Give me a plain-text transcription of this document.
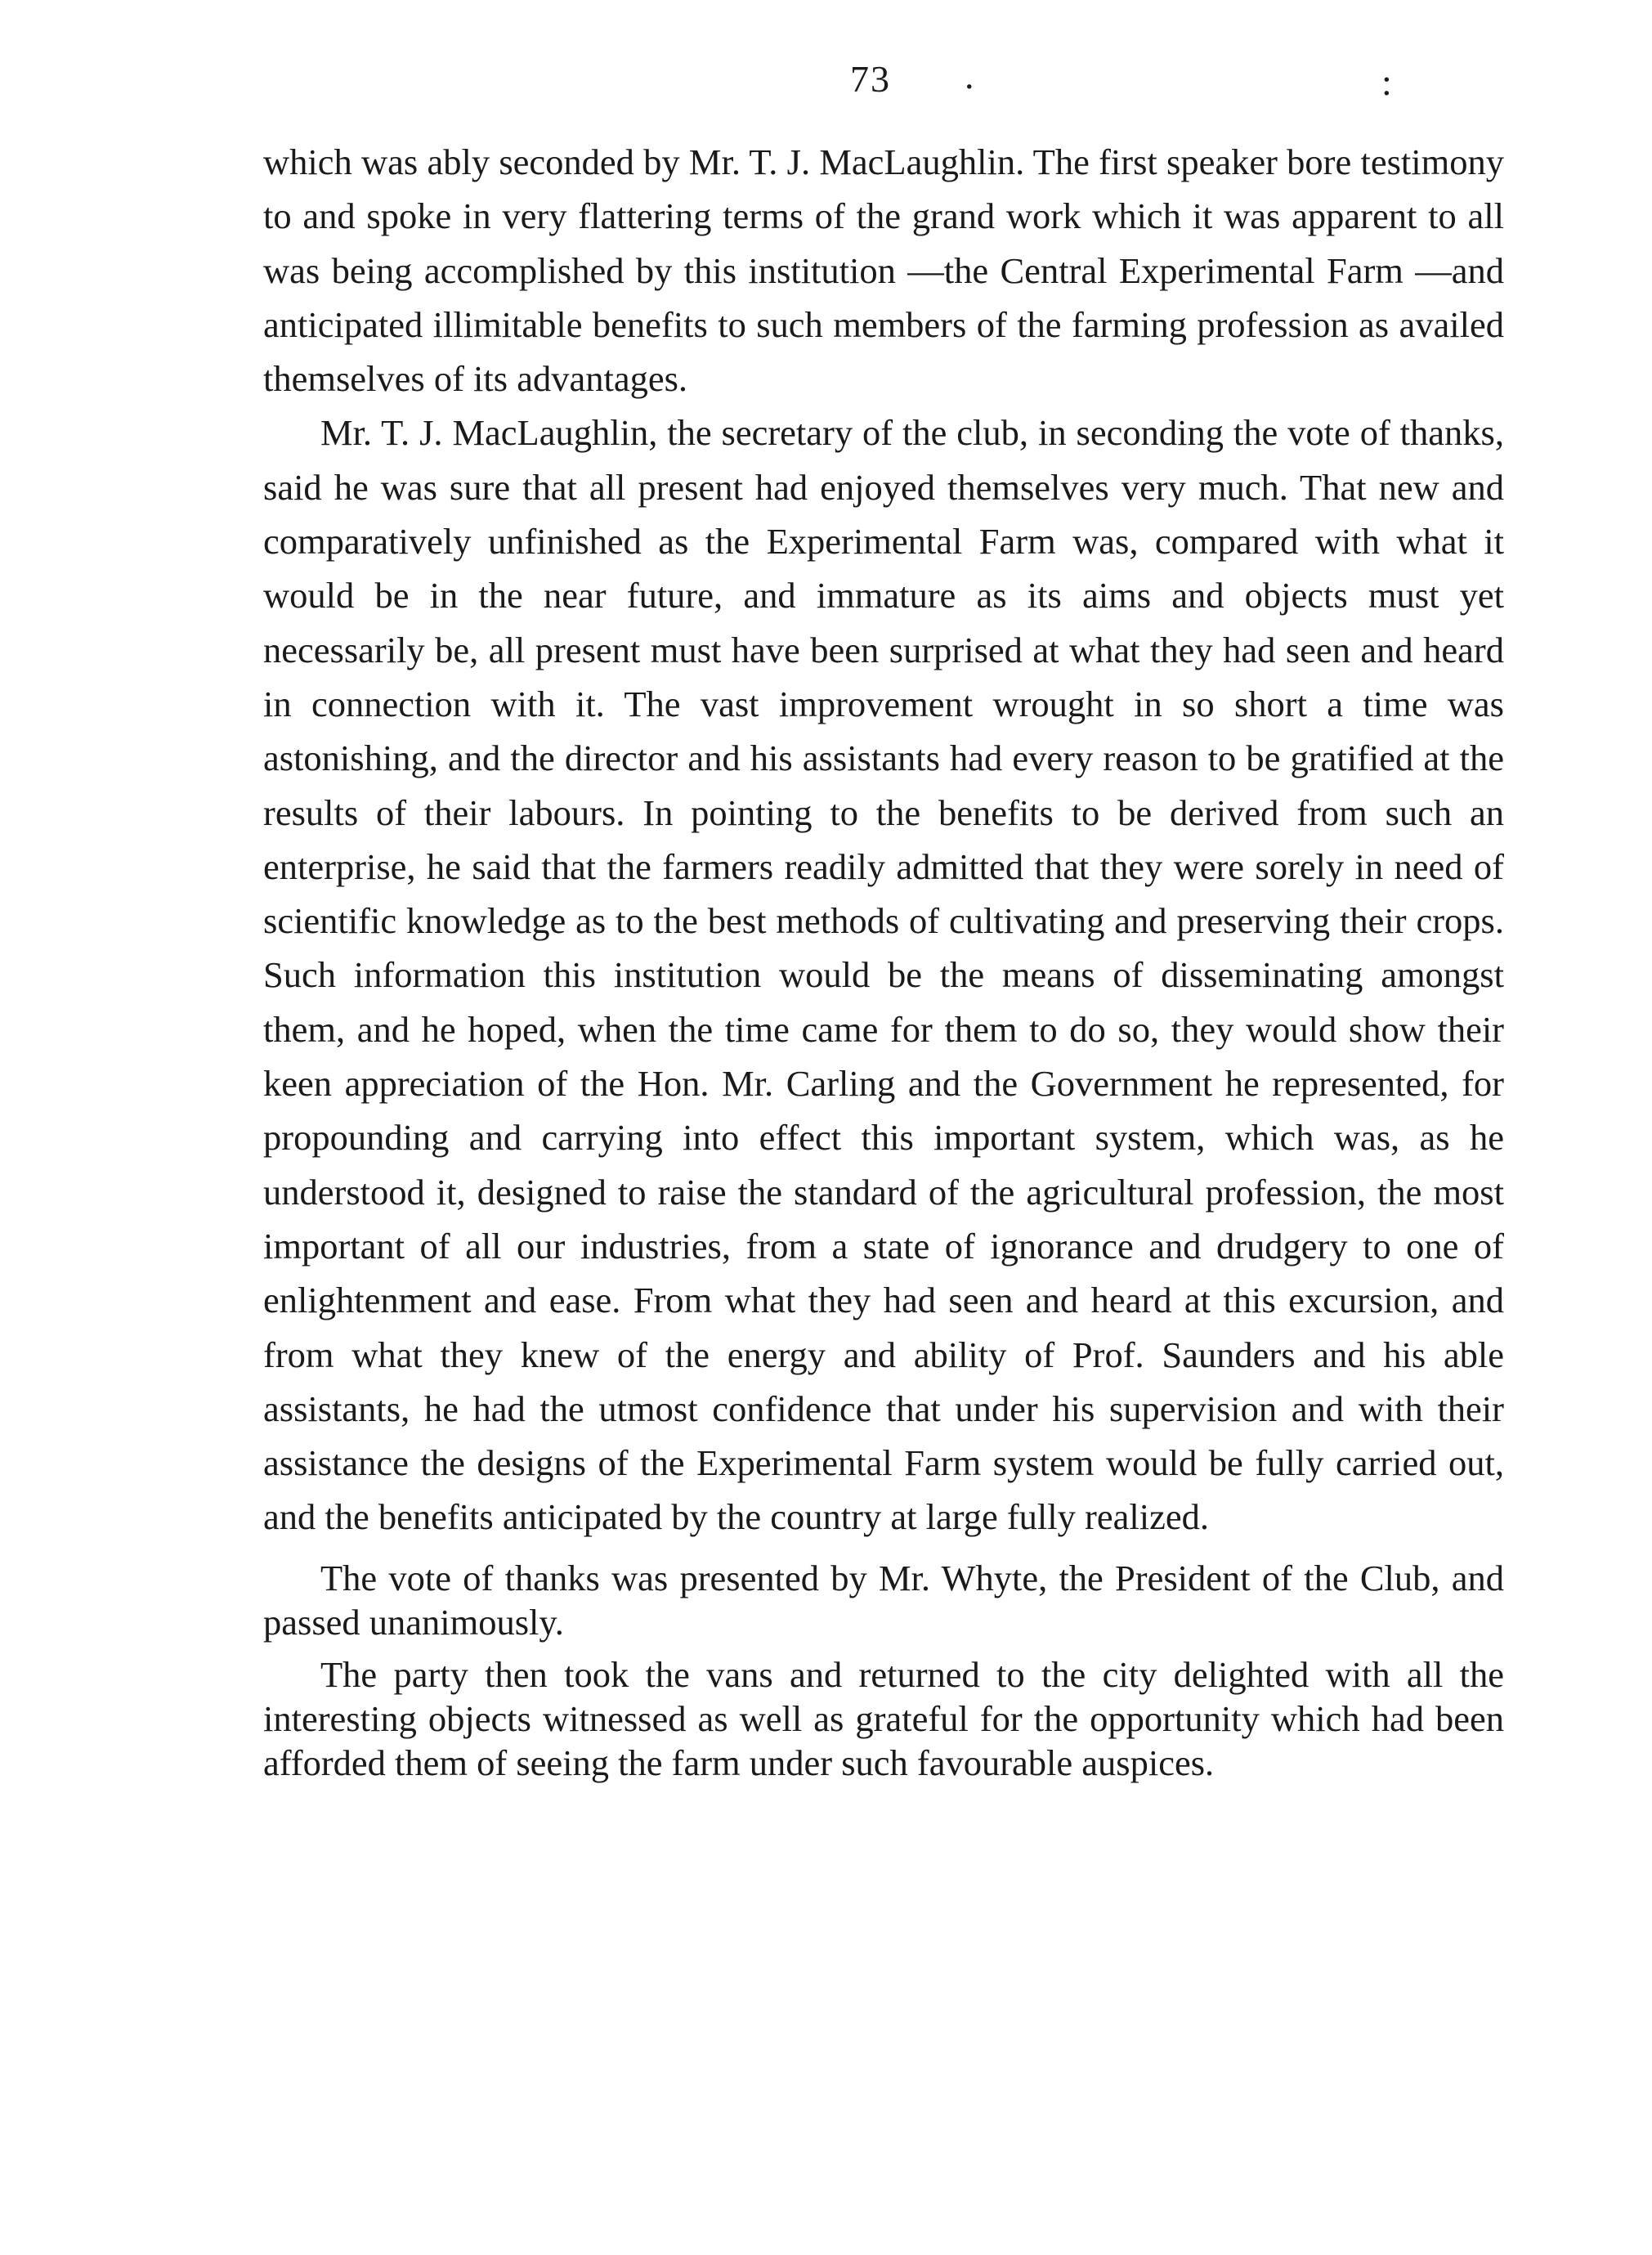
73 .	:

which was ably seconded by Mr. T. J. MacLaughlin. The first speaker bore testimony to and spoke in very flattering terms of the grand work which it was apparent to all was being accomplished by this institution —the Central Experimental Farm —and anticipated illimitable benefits to such members of the farming profession as availed themselves of its advantages.

Mr. T. J. MacLaughlin, the secretary of the club, in seconding the vote of thanks, said he was sure that all present had enjoyed themselves very much. That new and comparatively unfinished as the Experimental Farm was, compared with what it would be in the near future, and immature as its aims and objects must yet necessarily be, all present must have been surprised at what they had seen and heard in connection with it. The vast improvement wrought in so short a time was astonishing, and the director and his assistants had every reason to be gratified at the results of their labours. In pointing to the benefits to be derived from such an enterprise, he said that the farmers readily admitted that they were sorely in need of scientific knowledge as to the best methods of cultivating and preserving their crops. Such information this institution would be the means of disseminating amongst them, and he hoped, when the time came for them to do so, they would show their keen appreciation of the Hon. Mr. Carling and the Government he represented, for propounding and carrying into effect this important system, which was, as he understood it, designed to raise the standard of the agricultural profession, the most important of all our industries, from a state of ignorance and drudgery to one of enlightenment and ease. From what they had seen and heard at this excursion, and from what they knew of the energy and ability of Prof. Saunders and his able assistants, he had the utmost confidence that under his supervision and with their assistance the designs of the Experimental Farm system would be fully carried out, and the benefits anticipated by the country at large fully realized.

The vote of thanks was presented by Mr. Whyte, the President of the Club, and passed unanimously.

The party then took the vans and returned to the city delighted with all the interesting objects witnessed as well as grateful for the opportunity which had been afforded them of seeing the farm under such favourable auspices.
